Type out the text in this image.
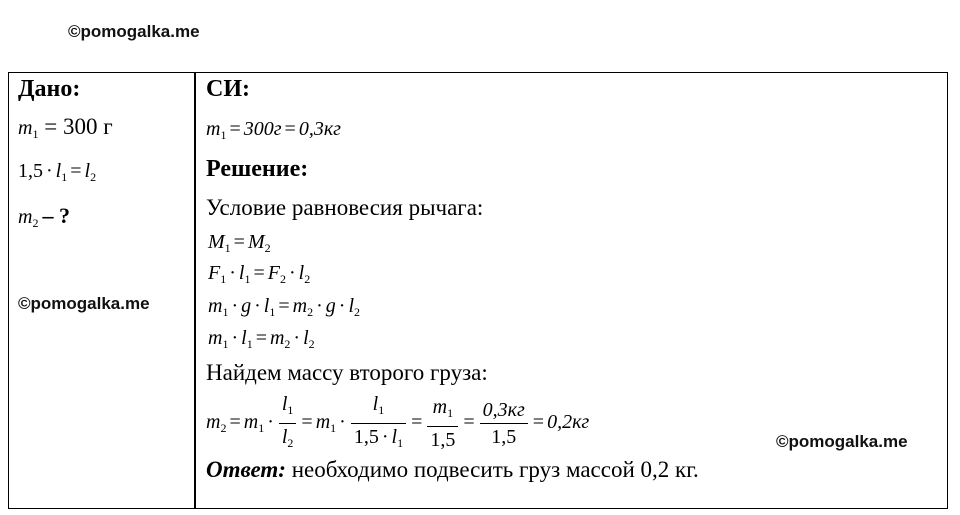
©pomogalka.me
©pomogalka.me
©pomogalka.me
Дано:
$m_1 = 300$ г
$1,5 \cdot l_1 = l_2$
$m_2$ – ?
СИ:
$m_1 = 300г = 0,3кг$
Решение:
Условие равновесия рычага:
$M_1 = M_2$
$F_1 \cdot l_1 = F_2 \cdot l_2$
$m_1 \cdot g \cdot l_1 = m_2 \cdot g \cdot l_2$
$m_1 \cdot l_1 = m_2 \cdot l_2$
Найдем массу второго груза:
$m_2 = m_1 \cdot \frac{l_1}{l_2} = m_1 \cdot \frac{l_1}{1,5 \cdot l_1} = \frac{m_1}{1,5} = \frac{0,3кг}{1,5} = 0,2кг$
Ответ: необходимо подвесить груз массой 0,2 кг.
